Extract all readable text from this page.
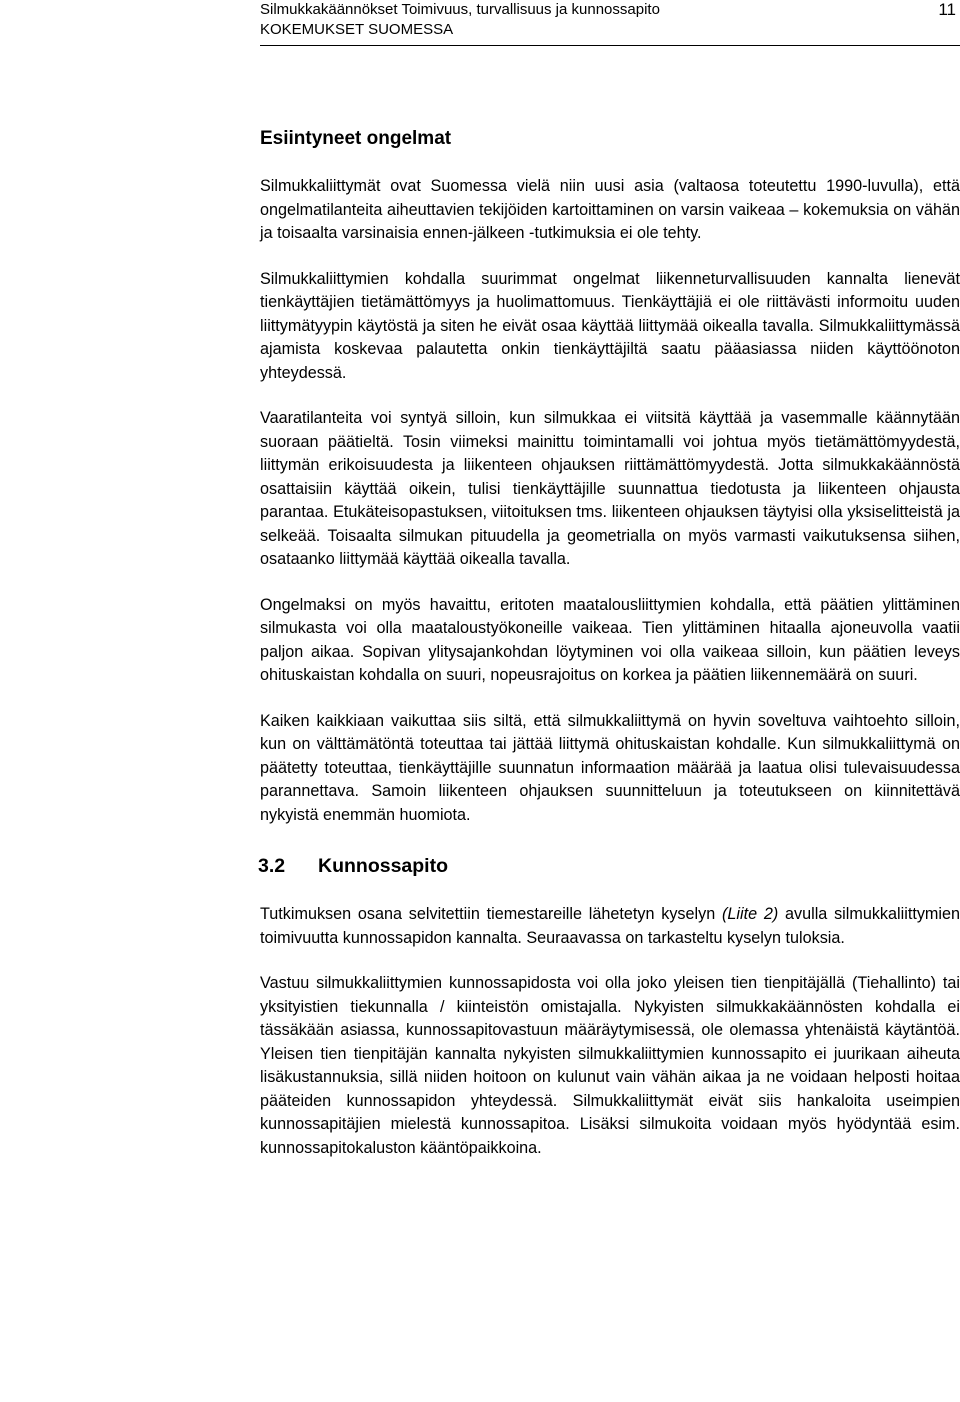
Silmukkakäännökset Toimivuus, turvallisuus ja kunnossapito
KOKEMUKSET SUOMESSA
11
Esiintyneet ongelmat

Silmukkaliittymät ovat Suomessa vielä niin uusi asia (valtaosa toteutettu 1990-luvulla), että ongelmatilanteita aiheuttavien tekijöiden kartoittaminen on varsin vaikeaa – kokemuksia on vähän ja toisaalta varsinaisia ennen-jälkeen -tutkimuksia ei ole tehty.

Silmukkaliittymien kohdalla suurimmat ongelmat liikenneturvallisuuden kannalta lienevät tienkäyttäjien tietämättömyys ja huolimattomuus. Tienkäyttäjiä ei ole riittävästi informoitu uuden liittymätyypin käytöstä ja siten he eivät osaa käyttää liittymää oikealla tavalla. Silmukkaliittymässä ajamista koskevaa palautetta onkin tienkäyttäjiltä saatu pääasiassa niiden käyttöönoton yhteydessä.

Vaaratilanteita voi syntyä silloin, kun silmukkaa ei viitsitä käyttää ja vasemmalle käännytään suoraan päätieltä. Tosin viimeksi mainittu toimintamalli voi johtua myös tietämättömyydestä, liittymän erikoisuudesta ja liikenteen ohjauksen riittämättömyydestä. Jotta silmukkakäännöstä osattaisiin käyttää oikein, tulisi tienkäyttäjille suunnattua tiedotusta ja liikenteen ohjausta parantaa. Etukäteisopastuksen, viitoituksen tms. liikenteen ohjauksen täytyisi olla yksiselitteistä ja selkeää. Toisaalta silmukan pituudella ja geometrialla on myös varmasti vaikutuksensa siihen, osataanko liittymää käyttää oikealla tavalla.

Ongelmaksi on myös havaittu, eritoten maatalousliittymien kohdalla, että päätien ylittäminen silmukasta voi olla maataloustyökoneille vaikeaa. Tien ylittäminen hitaalla ajoneuvolla vaatii paljon aikaa. Sopivan ylitysajankohdan löytyminen voi olla vaikeaa silloin, kun päätien leveys ohituskaistan kohdalla on suuri, nopeusrajoitus on korkea ja päätien liikennemäärä on suuri.

Kaiken kaikkiaan vaikuttaa siis siltä, että silmukkaliittymä on hyvin soveltuva vaihtoehto silloin, kun on välttämätöntä toteuttaa tai jättää liittymä ohituskaistan kohdalle. Kun silmukkaliittymä on päätetty toteuttaa, tienkäyttäjille suunnatun informaation määrää ja laatua olisi tulevaisuudessa parannettava. Samoin liikenteen ohjauksen suunnitteluun ja toteutukseen on kiinnitettävä nykyistä enemmän huomiota.

3.2	Kunnossapito

Tutkimuksen osana selvitettiin tiemestareille lähetetyn kyselyn (Liite 2) avulla silmukkaliittymien toimivuutta kunnossapidon kannalta. Seuraavassa on tarkasteltu kyselyn tuloksia.

Vastuu silmukkaliittymien kunnossapidosta voi olla joko yleisen tien tienpitäjällä (Tiehallinto) tai yksityistien tiekunnalla / kiinteistön omistajalla. Nykyisten silmukkakäännösten kohdalla ei tässäkään asiassa, kunnossapitovastuun määräytymisessä, ole olemassa yhtenäistä käytäntöä. Yleisen tien tienpitäjän kannalta nykyisten silmukkaliittymien kunnossapito ei juurikaan aiheuta lisäkustannuksia, sillä niiden hoitoon on kulunut vain vähän aikaa ja ne voidaan helposti hoitaa pääteiden kunnossapidon yhteydessä. Silmukkaliittymät eivät siis hankaloita useimpien kunnossapitäjien mielestä kunnossapitoa. Lisäksi silmukoita voidaan myös hyödyntää esim. kunnossapitokaluston kääntöpaikkoina.
